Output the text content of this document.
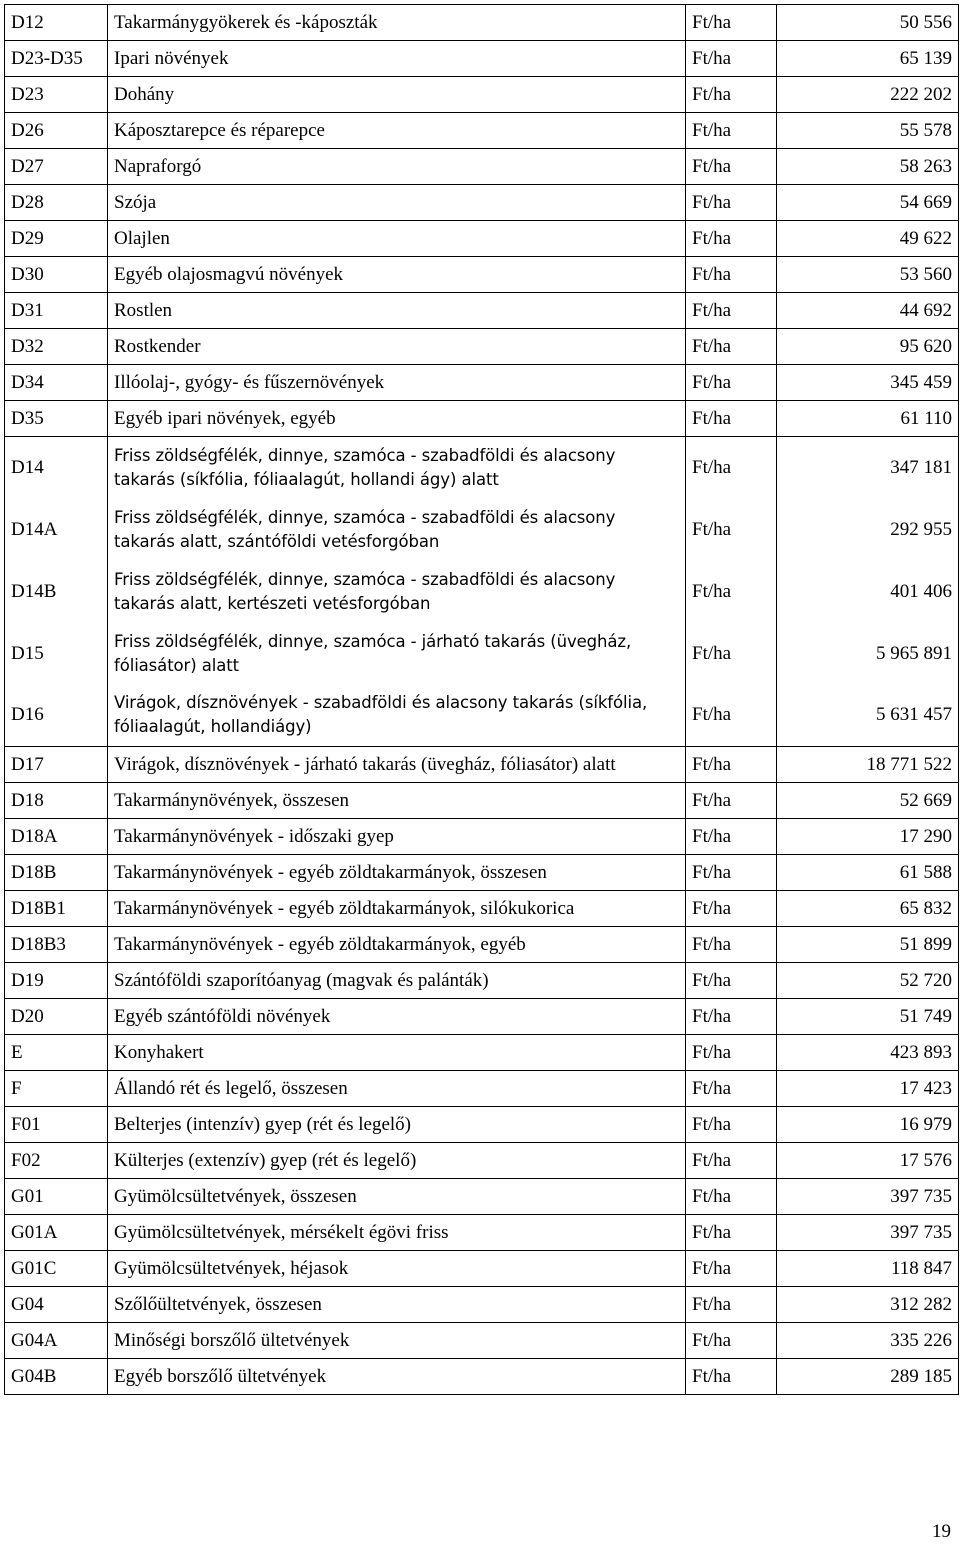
D12	Takarmánygyökerek és -káposzták	Ft/ha	50 556
D23-D35	Ipari növények	Ft/ha	65 139
D23	Dohány	Ft/ha	222 202
D26	Káposztarepce és réparepce	Ft/ha	55 578
D27	Napraforgó	Ft/ha	58 263
D28	Szója	Ft/ha	54 669
D29	Olajlen	Ft/ha	49 622
D30	Egyéb olajosmagvú növények	Ft/ha	53 560
D31	Rostlen	Ft/ha	44 692
D32	Rostkender	Ft/ha	95 620
D34	Illóolaj-, gyógy- és fűszernövények	Ft/ha	345 459
D35	Egyéb ipari növények, egyéb	Ft/ha	61 110
D14	Friss zöldségfélék, dinnye, szamóca - szabadföldi és alacsony takarás (síkfólia, fóliaalagút, hollandi ágy) alatt	Ft/ha	347 181
D14A	Friss zöldségfélék, dinnye, szamóca - szabadföldi és alacsony takarás alatt, szántóföldi vetésforgóban	Ft/ha	292 955
D14B	Friss zöldségfélék, dinnye, szamóca - szabadföldi és alacsony takarás alatt, kertészeti vetésforgóban	Ft/ha	401 406
D15	Friss zöldségfélék, dinnye, szamóca - járható takarás (üvegház, fóliasátor) alatt	Ft/ha	5 965 891
D16	Virágok, dísznövények - szabadföldi és alacsony takarás (síkfólia, fóliaalagút, hollandiágy)	Ft/ha	5 631 457
D17	Virágok, dísznövények - járható takarás (üvegház, fóliasátor) alatt	Ft/ha	18 771 522
D18	Takarmánynövények, összesen	Ft/ha	52 669
D18A	Takarmánynövények - időszaki gyep	Ft/ha	17 290
D18B	Takarmánynövények - egyéb zöldtakarmányok, összesen	Ft/ha	61 588
D18B1	Takarmánynövények - egyéb zöldtakarmányok, silókukorica	Ft/ha	65 832
D18B3	Takarmánynövények - egyéb zöldtakarmányok, egyéb	Ft/ha	51 899
D19	Szántóföldi szaporítóanyag (magvak és palánták)	Ft/ha	52 720
D20	Egyéb szántóföldi növények	Ft/ha	51 749
E	Konyhakert	Ft/ha	423 893
F	Állandó rét és legelő, összesen	Ft/ha	17 423
F01	Belterjes (intenzív) gyep (rét és legelő)	Ft/ha	16 979
F02	Külterjes (extenzív) gyep (rét és legelő)	Ft/ha	17 576
G01	Gyümölcsültetvények, összesen	Ft/ha	397 735
G01A	Gyümölcsültetvények, mérsékelt égövi friss	Ft/ha	397 735
G01C	Gyümölcsültetvények, héjasok	Ft/ha	118 847
G04	Szőlőültetvények, összesen	Ft/ha	312 282
G04A	Minőségi borszőlő ültetvények	Ft/ha	335 226
G04B	Egyéb borszőlő ültetvények	Ft/ha	289 185
19
